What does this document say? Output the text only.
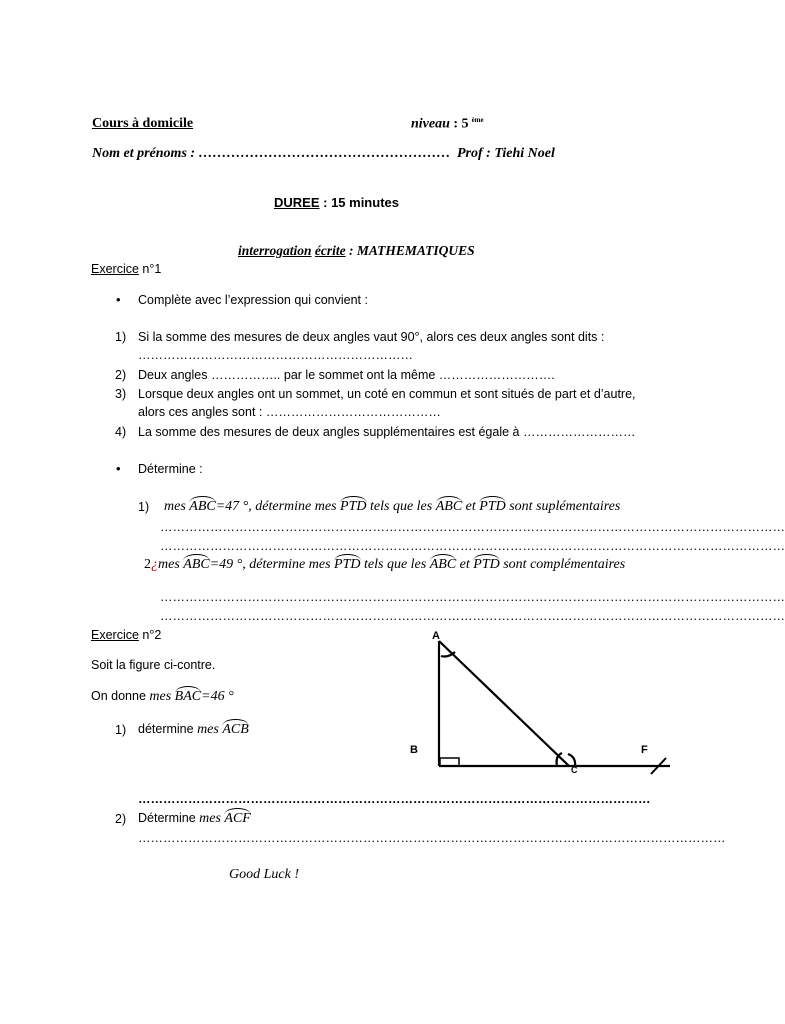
Cours à domicile	niveau : 5 $^{ème}$
Nom et prénoms : ……………………………………………… Prof : Tiehi Noel
DUREE : 15 minutes
interrogation écrite : MATHEMATIQUES
Exercice n°1
• Complète avec l’expression qui convient :
1) Si la somme des mesures de deux angles vaut 90°, alors ces deux angles sont dits :
…………………………………………………………
2) Deux angles …………….. par le sommet ont la même ……………………….
3) Lorsque deux angles ont un sommet, un coté en commun et sont situés de part et d’autre,
alors ces angles sont : ……………………………………
4) La somme des mesures de deux angles supplémentaires est égale à ………………………
• Détermine :
1) mes ABC=47 °, détermine mes PTD tels que les ABC et PTD sont suplémentaires
……………………………………………………………………………………………………………………………………
……………………………………………………………………………………………………………………………………
2¿mes ABC=49 °, détermine mes PTD tels que les ABC et PTD sont complémentaires
……………………………………………………………………………………………………………………………………
……………………………………………………………………………………………………………………………………
Exercice n°2
Soit la figure ci-contre.
On donne mes BAC=46 °
1) détermine mes ACB
……………………………………………………………………………………………………………
2) Détermine mes ACF
……………………………………………………………………………………………………………………………
A
B
C
F
Good Luck !
